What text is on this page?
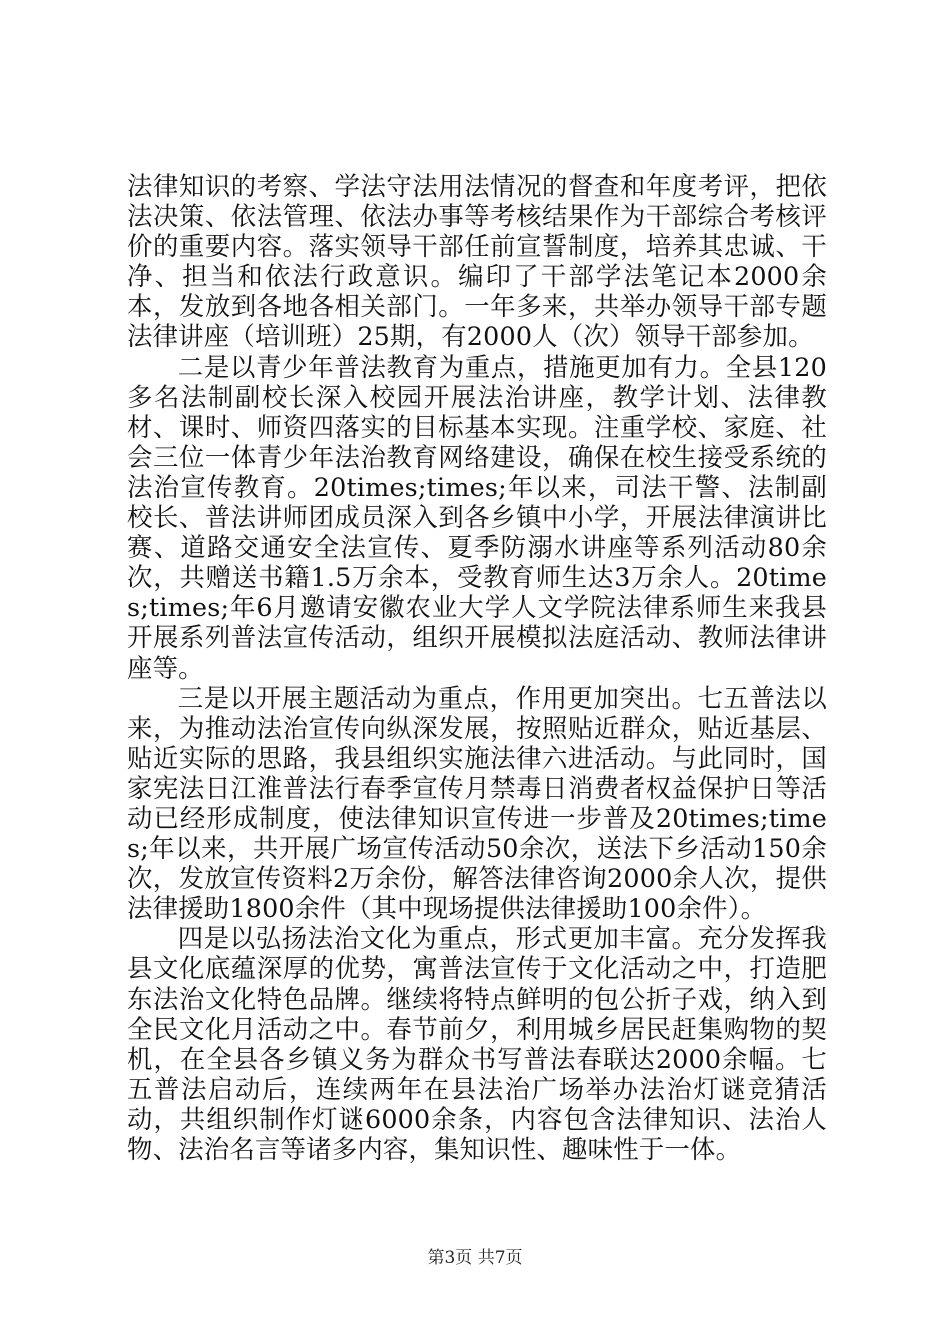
法律知识的考察、学法守法用法情况的督查和年度考评，把依法决策、依法管理、依法办事等考核结果作为干部综合考核评价的重要内容。落实领导干部任前宣誓制度，培养其忠诚、干净、担当和依法行政意识。编印了干部学法笔记本2000余本，发放到各地各相关部门。一年多来，共举办领导干部专题法律讲座（培训班）25期，有2000人（次）领导干部参加。

二是以青少年普法教育为重点，措施更加有力。全县120多名法制副校长深入校园开展法治讲座，教学计划、法律教材、课时、师资四落实的目标基本实现。注重学校、家庭、社会三位一体青少年法治教育网络建设，确保在校生接受系统的法治宣传教育。20times;times;年以来，司法干警、法制副校长、普法讲师团成员深入到各乡镇中小学，开展法律演讲比赛、道路交通安全法宣传、夏季防溺水讲座等系列活动80余次，共赠送书籍1.5万余本，受教育师生达3万余人。20times;times;年6月邀请安徽农业大学人文学院法律系师生来我县开展系列普法宣传活动，组织开展模拟法庭活动、教师法律讲座等。

三是以开展主题活动为重点，作用更加突出。七五普法以来，为推动法治宣传向纵深发展，按照贴近群众，贴近基层、贴近实际的思路，我县组织实施法律六进活动。与此同时，国家宪法日江淮普法行春季宣传月禁毒日消费者权益保护日等活动已经形成制度，使法律知识宣传进一步普及20times;times;年以来，共开展广场宣传活动50余次，送法下乡活动150余次，发放宣传资料2万余份，解答法律咨询2000余人次，提供法律援助1800余件（其中现场提供法律援助100余件）。

四是以弘扬法治文化为重点，形式更加丰富。充分发挥我县文化底蕴深厚的优势，寓普法宣传于文化活动之中，打造肥东法治文化特色品牌。继续将特点鲜明的包公折子戏，纳入到全民文化月活动之中。春节前夕，利用城乡居民赶集购物的契机，在全县各乡镇义务为群众书写普法春联达2000余幅。七五普法启动后，连续两年在县法治广场举办法治灯谜竞猜活动，共组织制作灯谜6000余条，内容包含法律知识、法治人物、法治名言等诸多内容，集知识性、趣味性于一体。

第3页 共7页
